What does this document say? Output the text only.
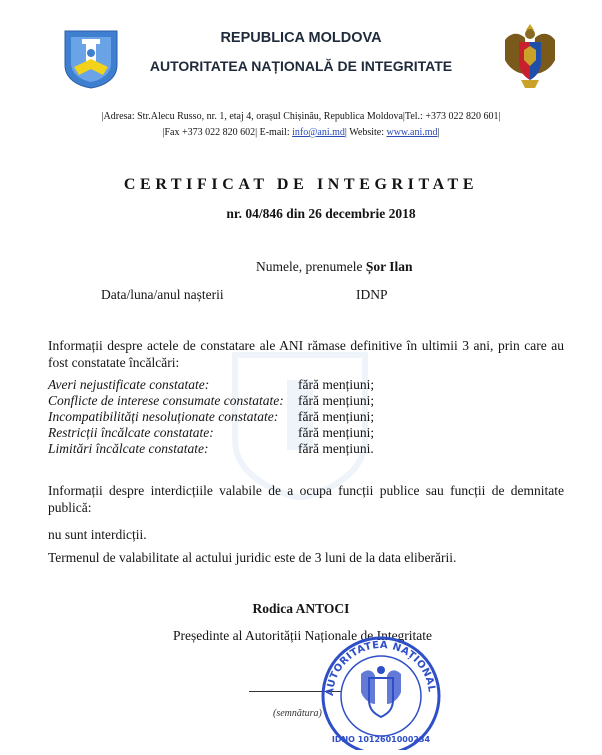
REPUBLICA MOLDOVA
AUTORITATEA NAȚIONALĂ DE INTEGRITATE
|Adresa: Str.Alecu Russo, nr. 1, etaj 4, orașul Chișinău, Republica Moldova|Tel.: +373 022 820 601|
|Fax +373 022 820 602| E-mail: info@ani.md| Website: www.ani.md|
CERTIFICAT DE INTEGRITATE
nr. 04/846 din 26 decembrie 2018
Numele, prenumele Șor Ilan
Data/luna/anul nașterii	IDNP
Informații despre actele de constatare ale ANI rămase definitive în ultimii 3 ani, prin care au fost constatate încălcări:
Averi nejustificate constatate:	fără mențiuni;
Conflicte de interese consumate constatate: fără mențiuni;
Incompatibilități nesoluționate constatate: fără mențiuni;
Restricții încălcate constatate:	fără mențiuni;
Limitări încălcate constatate:	fără mențiuni.
Informații despre interdicțiile valabile de a ocupa funcții publice sau funcții de demnitate publică:
nu sunt interdicții.
Termenul de valabilitate al actului juridic este de 3 luni de la data eliberării.
Rodica ANTOCI
Președinte al Autorității Naționale de Integritate
(semnătura)
AUTORITATEA NAȚIONAL
IDNO 1012601000234
